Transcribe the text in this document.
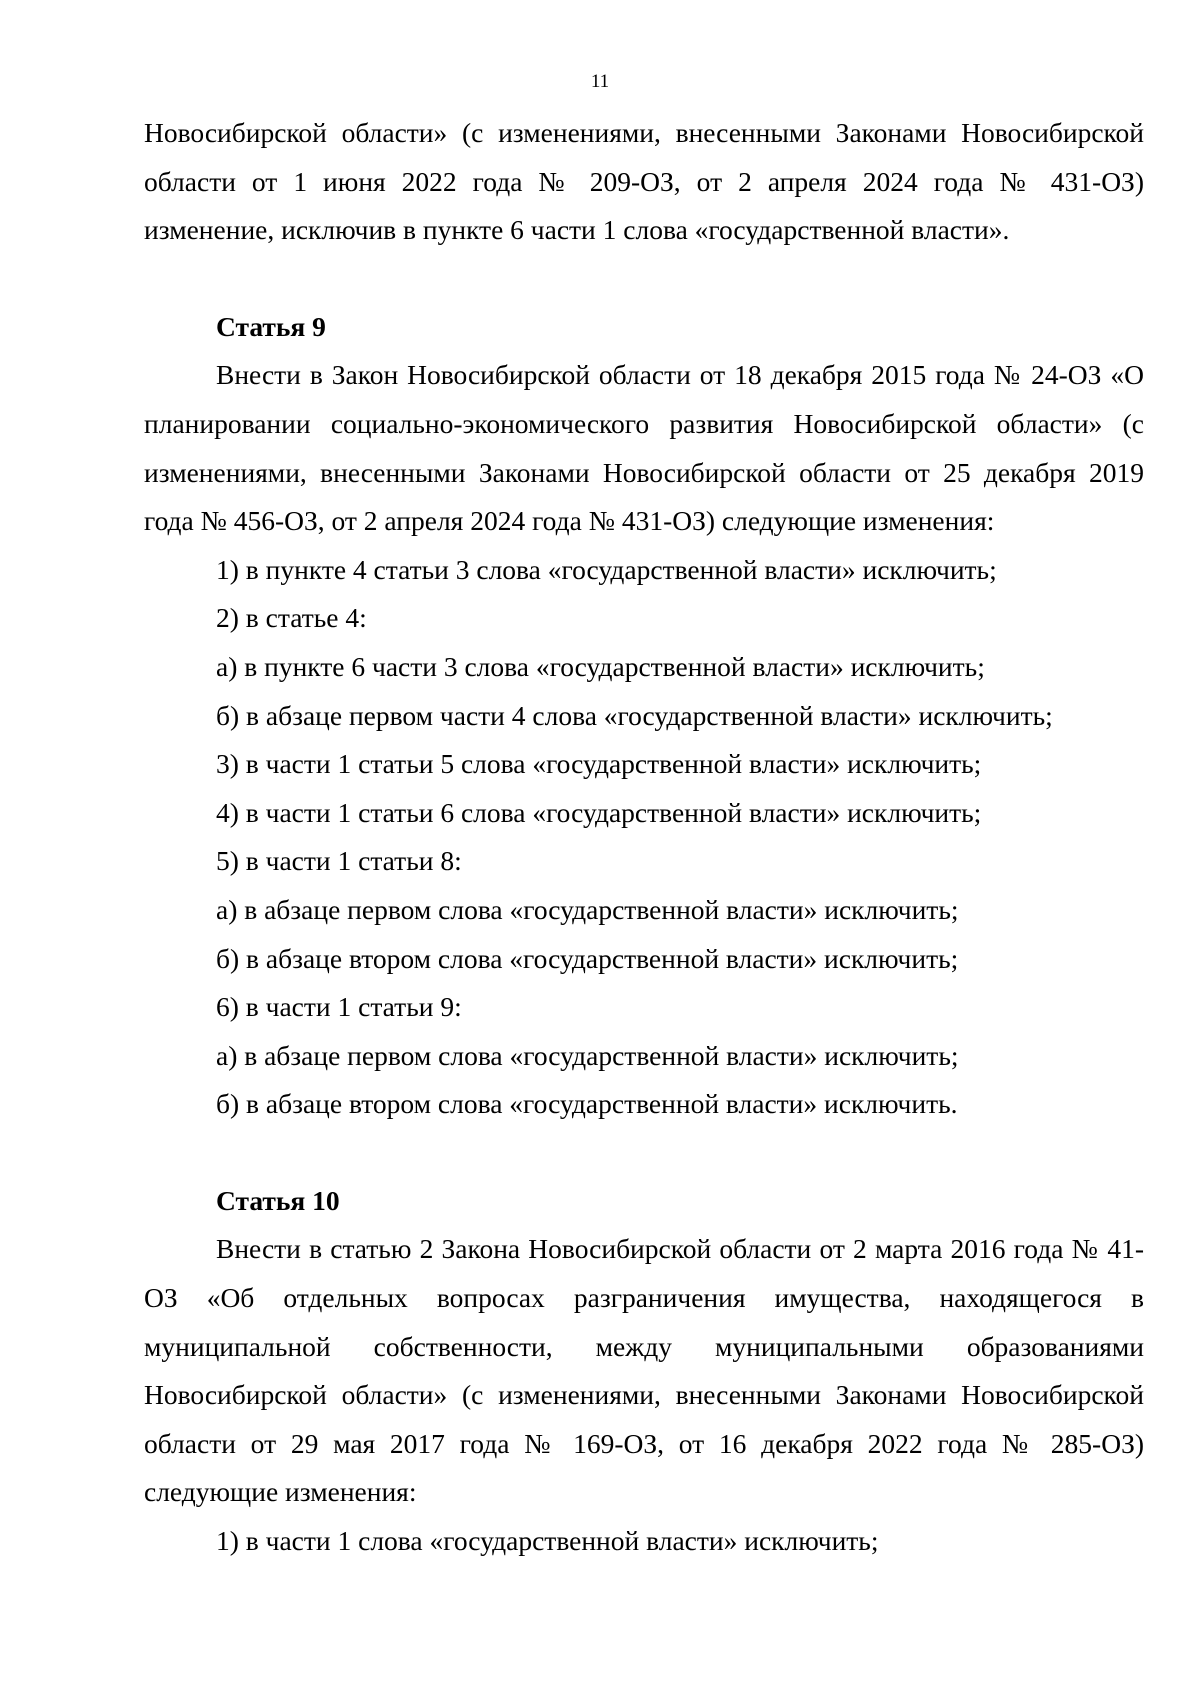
11

Новосибирской области» (с изменениями, внесенными Законами Новосибирской

области от 1 июня 2022 года № 209-ОЗ, от 2 апреля 2024 года № 431-ОЗ)

изменение, исключив в пункте 6 части 1 слова «государственной власти».

Статья 9

Внести в Закон Новосибирской области от 18 декабря 2015 года № 24-ОЗ «О планировании социально-экономического развития Новосибирской области» (с изменениями, внесенными Законами Новосибирской области от 25 декабря 2019 года № 456-ОЗ, от 2 апреля 2024 года № 431-ОЗ) следующие изменения:

1) в пункте 4 статьи 3 слова «государственной власти» исключить;

2) в статье 4:

а) в пункте 6 части 3 слова «государственной власти» исключить;

б) в абзаце первом части 4 слова «государственной власти» исключить;

3) в части 1 статьи 5 слова «государственной власти» исключить;

4) в части 1 статьи 6 слова «государственной власти» исключить;

5) в части 1 статьи 8:

а) в абзаце первом слова «государственной власти» исключить;

б) в абзаце втором слова «государственной власти» исключить;

6) в части 1 статьи 9:

а) в абзаце первом слова «государственной власти» исключить;

б) в абзаце втором слова «государственной власти» исключить.

Статья 10

Внести в статью 2 Закона Новосибирской области от 2 марта 2016 года № 41-ОЗ «Об отдельных вопросах разграничения имущества, находящегося в муниципальной собственности, между муниципальными образованиями Новосибирской области» (с изменениями, внесенными Законами Новосибирской области от 29 мая 2017 года № 169-ОЗ, от 16 декабря 2022 года № 285-ОЗ) следующие изменения:

1) в части 1 слова «государственной власти» исключить;
